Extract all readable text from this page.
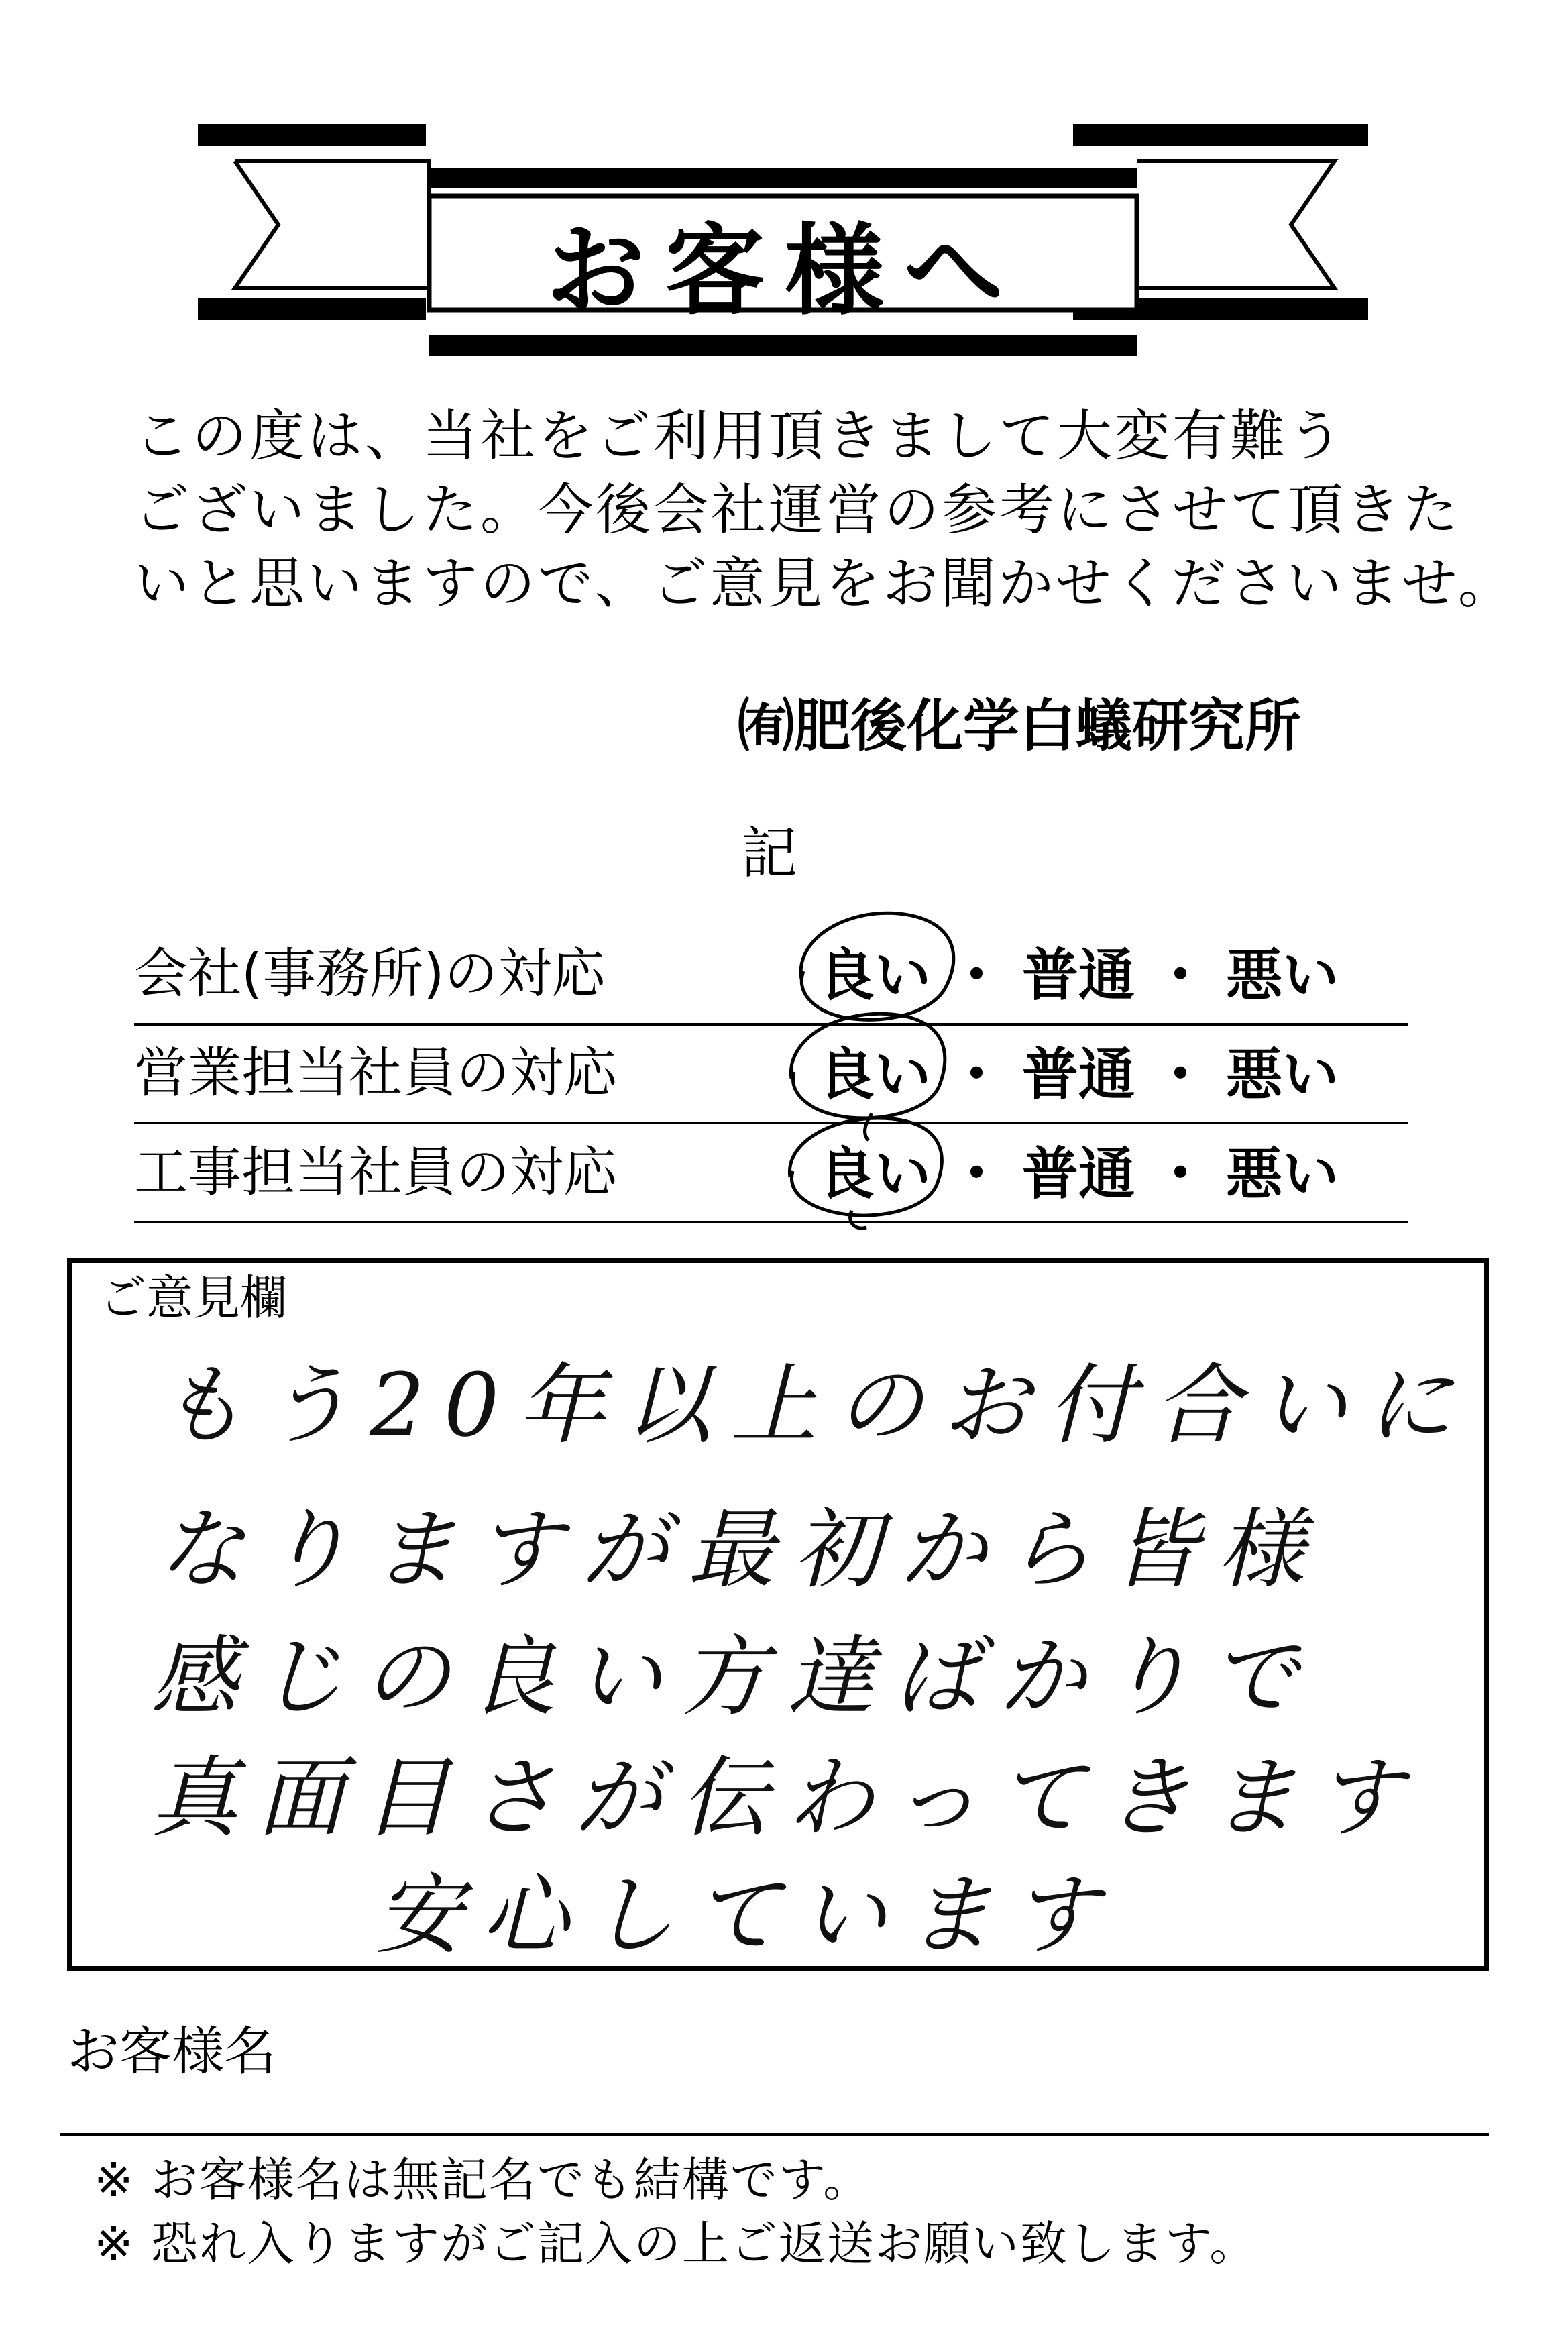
お客様へ
この度は、当社をご利用頂きまして大変有難う
ございました。今後会社運営の参考にさせて頂きた
いと思いますので、ご意見をお聞かせくださいませ。
㈲肥後化学白蟻研究所
記
会社(事務所)の対応	良い ・ 普通 ・ 悪い
営業担当社員の対応	良い ・ 普通 ・ 悪い
工事担当社員の対応	良い ・ 普通 ・ 悪い
ご意見欄
もう20年以上のお付合いに
なりますが最初から皆様
感じの良い方達ばかりで
真面目さが伝わってきます
安心しています
お客様名
※ お客様名は無記名でも結構です。
※ 恐れ入りますがご記入の上ご返送お願い致します。
